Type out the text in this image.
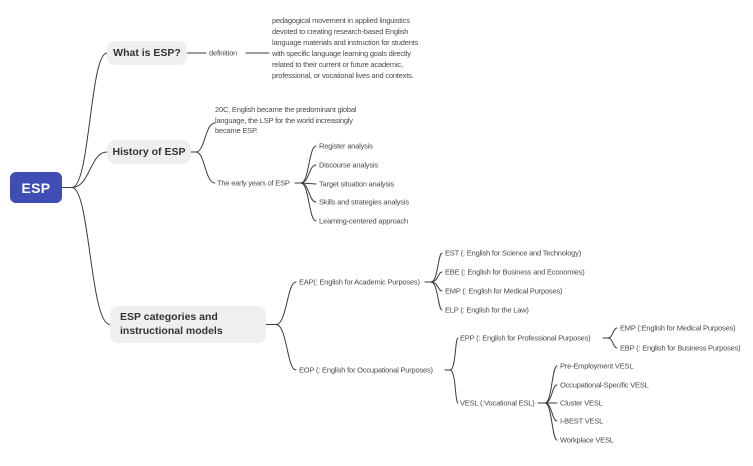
ESP
What is ESP?	definition
pedagogical movement in applied linguistics devoted to creating research-based English language materials and instruction for students with specific language learning goals directly related to their current or future academic, professional, or vocational lives and contexts.
History of ESP
20C, English became the predominant global language, the LSP for the world increasingly became ESP.
The early years of ESP
Register analysis
Discourse analysis
Target situation analysis
Skills and strategies analysis
Learning-centered approach
ESP categories and instructional models
EAP(: English for Academic Purposes)
EST (: English for Science and Technology)
EBE (: English for Business and Economies)
EMP (: English for Medical Purposes)
ELP (: English for the Law)
EOP (: English for Occupational Purposes)
EPP (: English for Professional Purposes)
EMP (:English for Medical Purposes)
EBP (: English for Business Purposes)
VESL (:Vocational ESL)
Pre-Employment VESL
Occupational-Specific VESL
Cluster VESL
I-BEST VESL
Workplace VESL
